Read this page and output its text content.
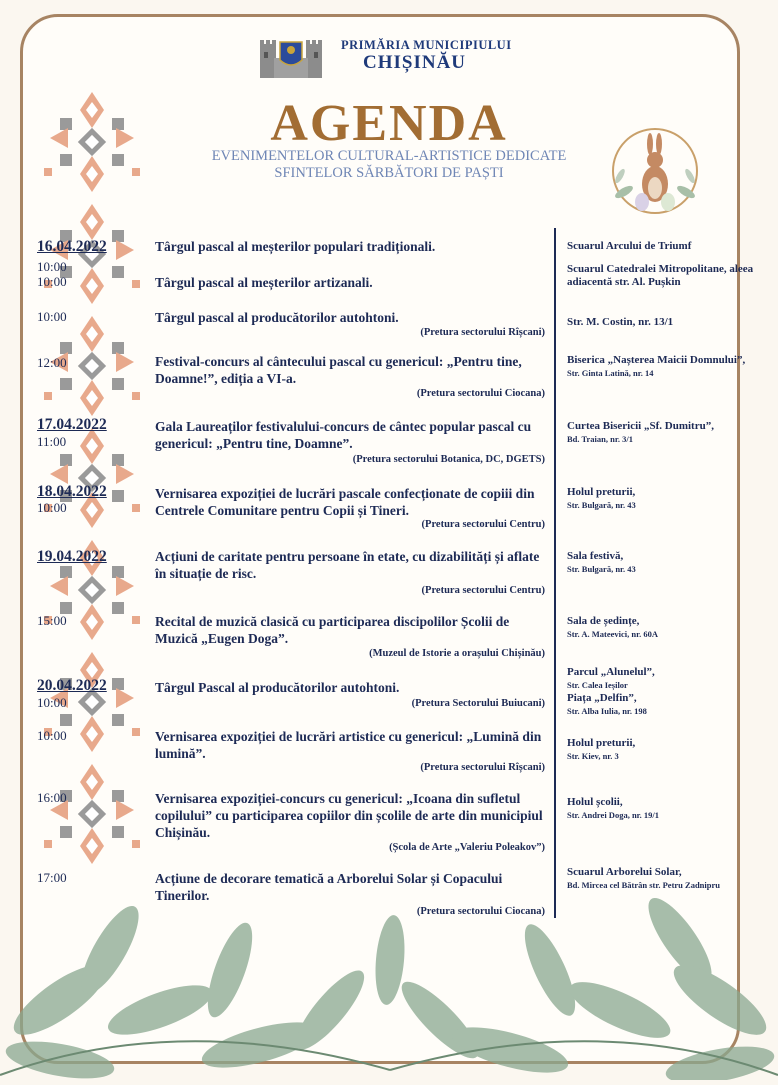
PRIMĂRIA MUNICIPIULUI
CHIȘINĂU
AGENDA
EVENIMENTELOR CULTURAL-ARTISTICE DEDICATE
SFINTELOR SĂRBĂTORI DE PAȘTI
16.04.2022
17.04.2022
18.04.2022
19.04.2022
20.04.2022
10:00
10:00
10:00
12:00
11:00
10:00
15:00
10:00
10:00
16:00
17:00
Târgul pascal al meșterilor populari tradiționali.
Târgul pascal al meșterilor artizanali.
Târgul pascal al producătorilor autohtoni.
(Pretura sectorului Rîșcani)
Festival-concurs al cântecului pascal cu genericul: „Pentru tine, Doamne!”, ediția a VI-a.
(Pretura sectorului Ciocana)
Gala Laureaților festivalului-concurs de cântec popular pascal cu genericul: „Pentru tine, Doamne”.
(Pretura sectorului Botanica, DC, DGETS)
Vernisarea expoziției de lucrări pascale confecționate de copiii din Centrele Comunitare pentru Copii și Tineri.
(Pretura sectorului Centru)
Acțiuni de caritate pentru persoane în etate, cu dizabilități și aflate în situație de risc.
(Pretura sectorului Centru)
Recital de muzică clasică cu participarea discipolilor Școlii de Muzică „Eugen Doga”.
(Muzeul de Istorie a orașului Chișinău)
Târgul Pascal al producătorilor autohtoni.
(Pretura Sectorului Buiucani)
Vernisarea expoziției de lucrări artistice cu genericul: „Lumină din lumină”.
(Pretura sectorului Rîșcani)
Vernisarea expoziției-concurs cu genericul: „Icoana din sufletul copilului” cu participarea copiilor din școlile de arte din municipiul Chișinău.
(Școla de Arte „Valeriu Poleakov”)
Acțiune de decorare tematică a Arborelui Solar și Copacului Tinerilor.
(Pretura sectorului Ciocana)
Scuarul Arcului de Triumf
Scuarul Catedralei Mitropolitane, aleea adiacentă str. Al. Pușkin
Str. M. Costin, nr. 13/1
Biserica „Nașterea Maicii Domnului”,
Str. Ginta Latină, nr. 14
Curtea Bisericii „Sf. Dumitru”,
Bd. Traian, nr. 3/1
Holul preturii,
Str. Bulgară, nr. 43
Sala festivă,
Str. Bulgară, nr. 43
Sala de ședințe,
Str. A. Mateevici, nr. 60A
Parcul „Alunelul”,
Str. Calea Ieșilor
Piața „Delfin”,
Str. Alba Iulia, nr. 198
Holul preturii,
Str. Kiev, nr. 3
Holul școlii,
Str. Andrei Doga, nr. 19/1
Scuarul Arborelui Solar,
Bd. Mircea cel Bătrân str. Petru Zadnipru
